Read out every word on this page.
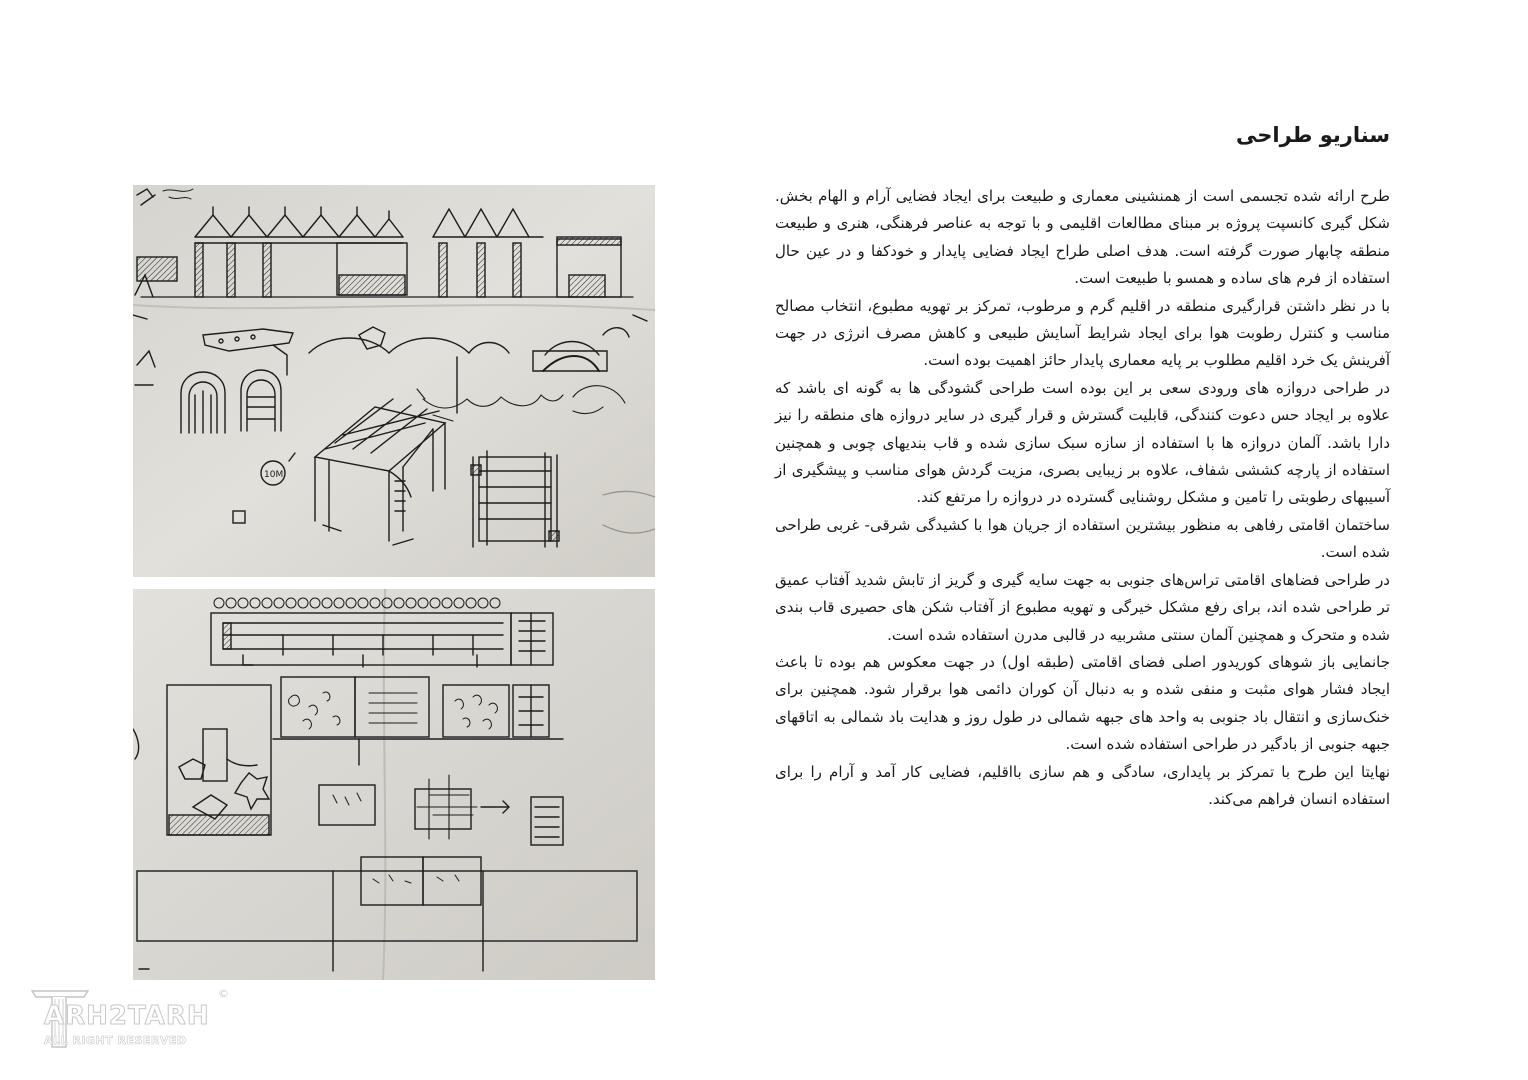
سناریو طراحی

طرح ارائه شده تجسمی است از همنشینی معماری و طبیعت برای ایجاد فضایی آرام و الهام بخش. شکل گیری کانسپت پروژه بر مبنای مطالعات اقلیمی و با توجه به عناصر فرهنگی، هنری و طبیعت منطقه چابهار صورت گرفته است. هدف اصلی طراح ایجاد فضایی پایدار و خودکفا و در عین حال استفاده از فرم های ساده و همسو با طبیعت است.

با در نظر داشتن قرارگیری منطقه در اقلیم گرم و مرطوب، تمرکز بر تهویه مطبوع، انتخاب مصالح مناسب و کنترل رطوبت هوا برای ایجاد شرایط آسایش طبیعی و کاهش مصرف انرژی در جهت آفرینش یک خرد اقلیم مطلوب بر پایه معماری پایدار حائز اهمیت بوده است.

در طراحی دروازه های ورودی سعی بر این بوده است طراحی گشودگی ها به گونه ای باشد که علاوه بر ایجاد حس دعوت کنندگی، قابلیت گسترش و قرار گیری در سایر دروازه های منطقه را نیز دارا باشد. آلمان دروازه ها با استفاده از سازه سبک سازی شده و قاب بندیهای چوبی و همچنین استفاده از پارچه کششی شفاف، علاوه بر زیبایی بصری، مزیت گردش هوای مناسب و پیشگیری از آسیبهای رطوبتی را تامین و مشکل روشنایی گسترده در دروازه را مرتفع کند.

ساختمان اقامتی رفاهی به منظور بیشترین استفاده از جریان هوا با کشیدگی شرقی- غربی طراحی شده است.

در طراحی فضاهای اقامتی تراس‌های جنوبی به جهت سایه گیری و گریز از تابش شدید آفتاب عمیق تر طراحی شده اند، برای رفع مشکل خیرگی و تهویه مطبوع از آفتاب شکن های حصیری قاب بندی شده و متحرک و همچنین آلمان سنتی مشربیه در قالبی مدرن استفاده شده است.

جانمایی باز شوهای کوریدور اصلی فضای اقامتی (طبقه اول) در جهت معکوس هم بوده تا باعث ایجاد فشار هوای مثبت و منفی شده و به دنبال آن کوران دائمی هوا برقرار شود. همچنین برای خنک‌سازی و انتقال باد جنوبی به واحد های جبهه شمالی در طول روز و هدایت باد شمالی به اتاقهای جبهه جنوبی از بادگیر در طراحی استفاده شده است.

نهایتا این طرح با تمرکز بر پایداری، سادگی و هم سازی بااقلیم، فضایی کار آمد و آرام را برای استفاده انسان فراهم می‌کند.

10M
ARH2TARH
ALL RIGHT RESERVED
©
